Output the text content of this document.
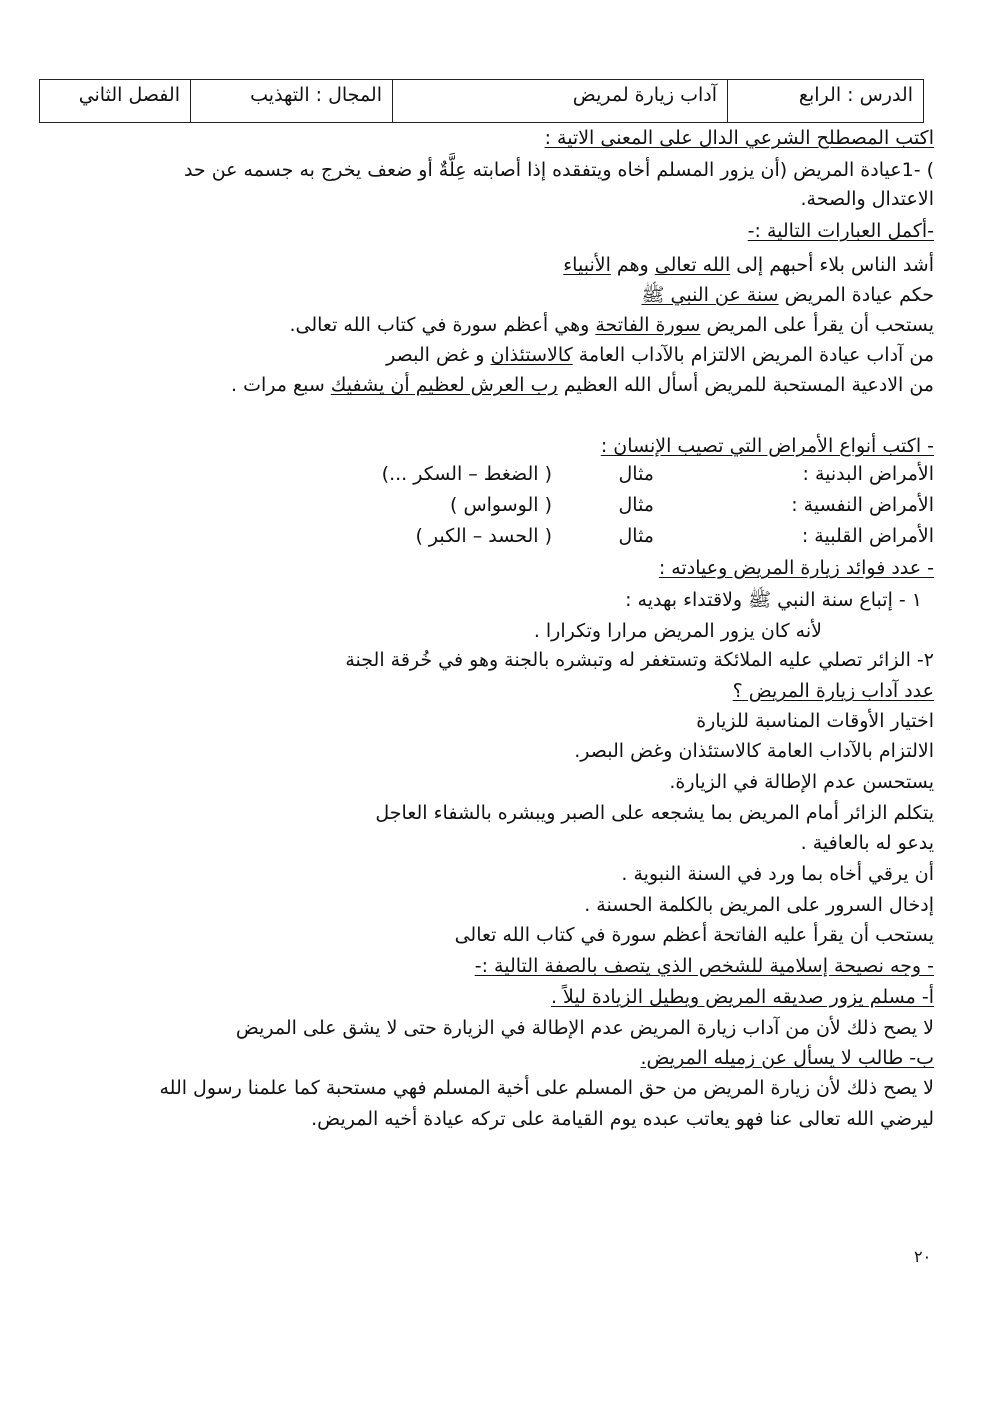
الدرس : الرابع
آداب زيارة لمريض
المجال : التهذيب
الفصل الثاني
اكتب المصطلح الشرعي الدال على المعنى الاتية :
) -1عيادة المريض (أن يزور المسلم أخاه ويتفقده إذا أصابته عِلَّةٌ أو ضعف يخرج به جسمه عن حد
الاعتدال والصحة.
-أكمل العبارات التالية :-
أشد الناس بلاء أحبهم إلى الله تعالى وهم الأنبياء
حكم عيادة المريض سنة عن النبي ﷺ
يستحب أن يقرأ على المريض سورة الفاتحة وهي أعظم سورة في كتاب الله تعالى.
من آداب عيادة المريض الالتزام بالآداب العامة كالاستئذان و غض البصر
من الادعية المستحبة للمريض أسأل الله العظيم رب العرش لعظيم أن يشفيك سبع مرات .
- اكتب أنواع الأمراض التي تصيب الإنسان :
الأمراض البدنية :
مثال
( الضغط – السكر ...)
الأمراض النفسية :
مثال
( الوسواس )
الأمراض القلبية :
مثال
( الحسد – الكبر )
- عدد فوائد زيارة المريض وعيادته :
١ - إتباع سنة النبي ﷺ ولاقتداء بهديه :
لأنه كان يزور المريض مرارا وتكرارا .
٢- الزائر تصلي عليه الملائكة وتستغفر له وتبشره بالجنة وهو في خُرقة الجنة
عدد آداب زيارة المريض ؟
اختيار الأوقات المناسبة للزيارة
الالتزام بالآداب العامة كالاستئذان وغض البصر.
يستحسن عدم الإطالة في الزيارة.
يتكلم الزائر أمام المريض بما يشجعه على الصبر ويبشره بالشفاء العاجل
يدعو له بالعافية .
أن يرقي أخاه بما ورد في السنة النبوية .
إدخال السرور على المريض بالكلمة الحسنة .
يستحب أن يقرأ عليه الفاتحة أعظم سورة في كتاب الله تعالى
- وجه نصيحة إسلامية للشخص الذي يتصف بالصفة التالية :-
أ- مسلم يزور صديقه المريض ويطيل الزيادة ليلاً .
لا يصح ذلك لأن من آداب زيارة المريض عدم الإطالة في الزيارة حتى لا يشق على المريض
ب- طالب لا يسأل عن زميله المريض.
لا يصح ذلك لأن زيارة المريض من حق المسلم على أخية المسلم فهي مستحبة كما علمنا رسول الله
ليرضي الله تعالى عنا فهو يعاتب عبده يوم القيامة على تركه عيادة أخيه المريض.
٢٠
